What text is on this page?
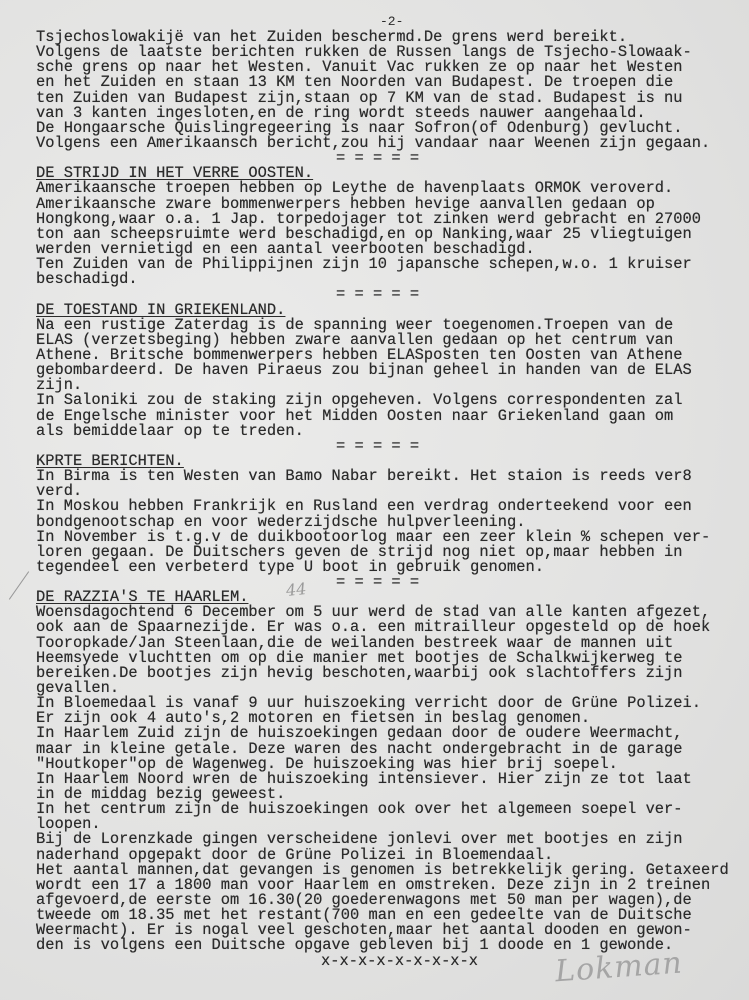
-2-
44
Tsjechoslowakijë van het Zuiden beschermd.De grens werd bereikt.
Volgens de laatste berichten rukken de Russen langs de Tsjecho-Slowaak-
sche grens op naar het Westen. Vanuit Vac rukken ze op naar het Westen
en het Zuiden en staan 13 KM ten Noorden van Budapest. De troepen die
ten Zuiden van Budapest zijn,staan op 7 KM van de stad. Budapest is nu
van 3 kanten ingesloten,en de ring wordt steeds nauwer aangehaald.
De Hongaarsche Quislingregeering is naar Sofron(of Odenburg) gevlucht.
Volgens een Amerikaansch bericht,zou hij vandaar naar Weenen zijn gegaan.
= = = = =
DE STRIJD IN HET VERRE OOSTEN.
Amerikaansche troepen hebben op Leythe de havenplaats ORMOK veroverd.
Amerikaansche zware bommenwerpers hebben hevige aanvallen gedaan op
Hongkong,waar o.a. 1 Jap. torpedojager tot zinken werd gebracht en 27000
ton aan scheepsruimte werd beschadigd,en op Nanking,waar 25 vliegtuigen
werden vernietigd en een aantal veerbooten beschadigd.
Ten Zuiden van de Philippijnen zijn 10 japansche schepen,w.o. 1 kruiser
beschadigd.
= = = = =
DE TOESTAND IN GRIEKENLAND.
Na een rustige Zaterdag is de spanning weer toegenomen.Troepen van de
ELAS (verzetsbeging) hebben zware aanvallen gedaan op het centrum van
Athene. Britsche bommenwerpers hebben ELASposten ten Oosten van Athene
gebombardeerd. De haven Piraeus zou bijnan geheel in handen van de ELAS
zijn.
In Saloniki zou de staking zijn opgeheven. Volgens correspondenten zal
de Engelsche minister voor het Midden Oosten naar Griekenland gaan om
als bemiddelaar op te treden.
= = = = =
KPRTE BERICHTEN.
In Birma is ten Westen van Bamo Nabar bereikt. Het staion is reeds ver8
verd.
In Moskou hebben Frankrijk en Rusland een verdrag onderteekend voor een
bondgenootschap en voor wederzijdsche hulpverleening.
In November is t.g.v de duikbootoorlog maar een zeer klein % schepen ver-
loren gegaan. De Duitschers geven de strijd nog niet op,maar hebben in
tegendeel een verbeterd type U boot in gebruik genomen.
= = = = =
DE RAZZIA'S TE HAARLEM.
Woensdagochtend 6 December om 5 uur werd de stad van alle kanten afgezet,
ook aan de Spaarnezijde. Er was o.a. een mitrailleur opgesteld op de hoek
Tooropkade/Jan Steenlaan,die de weilanden bestreek waar de mannen uit
Heemsyede vluchtten om op die manier met bootjes de Schalkwijkerweg te
bereiken.De bootjes zijn hevig beschoten,waarbij ook slachtoffers zijn
gevallen.
In Bloemedaal is vanaf 9 uur huiszoeking verricht door de Grüne Polizei.
Er zijn ook 4 auto's,2 motoren en fietsen in beslag genomen.
In Haarlem Zuid zijn de huiszoekingen gedaan door de oudere Weermacht,
maar in kleine getale. Deze waren des nacht ondergebracht in de garage
"Houtkoper"op de Wagenweg. De huiszoeking was hier brij soepel.
In Haarlem Noord wren de huiszoeking intensiever. Hier zijn ze tot laat
in de middag bezig geweest.
In het centrum zijn de huiszoekingen ook over het algemeen soepel ver-
loopen.
Bij de Lorenzkade gingen verscheidene jonlevi over met bootjes en zijn
naderhand opgepakt door de Grüne Polizei in Bloemendaal.
Het aantal mannen,dat gevangen is genomen is betrekkelijk gering. Getaxeerd
wordt een 17 a 1800 man voor Haarlem en omstreken. Deze zijn in 2 treinen
afgevoerd,de eerste om 16.30(20 goederenwagons met 50 man per wagen),de
tweede om 18.35 met het restant(700 man en een gedeelte van de Duitsche
Weermacht). Er is nogal veel geschoten,maar het aantal dooden en gewon-
den is volgens een Duitsche opgave gebleven bij 1 doode en 1 gewonde.
x-x-x-x-x-x-x-x-x	Lokman
